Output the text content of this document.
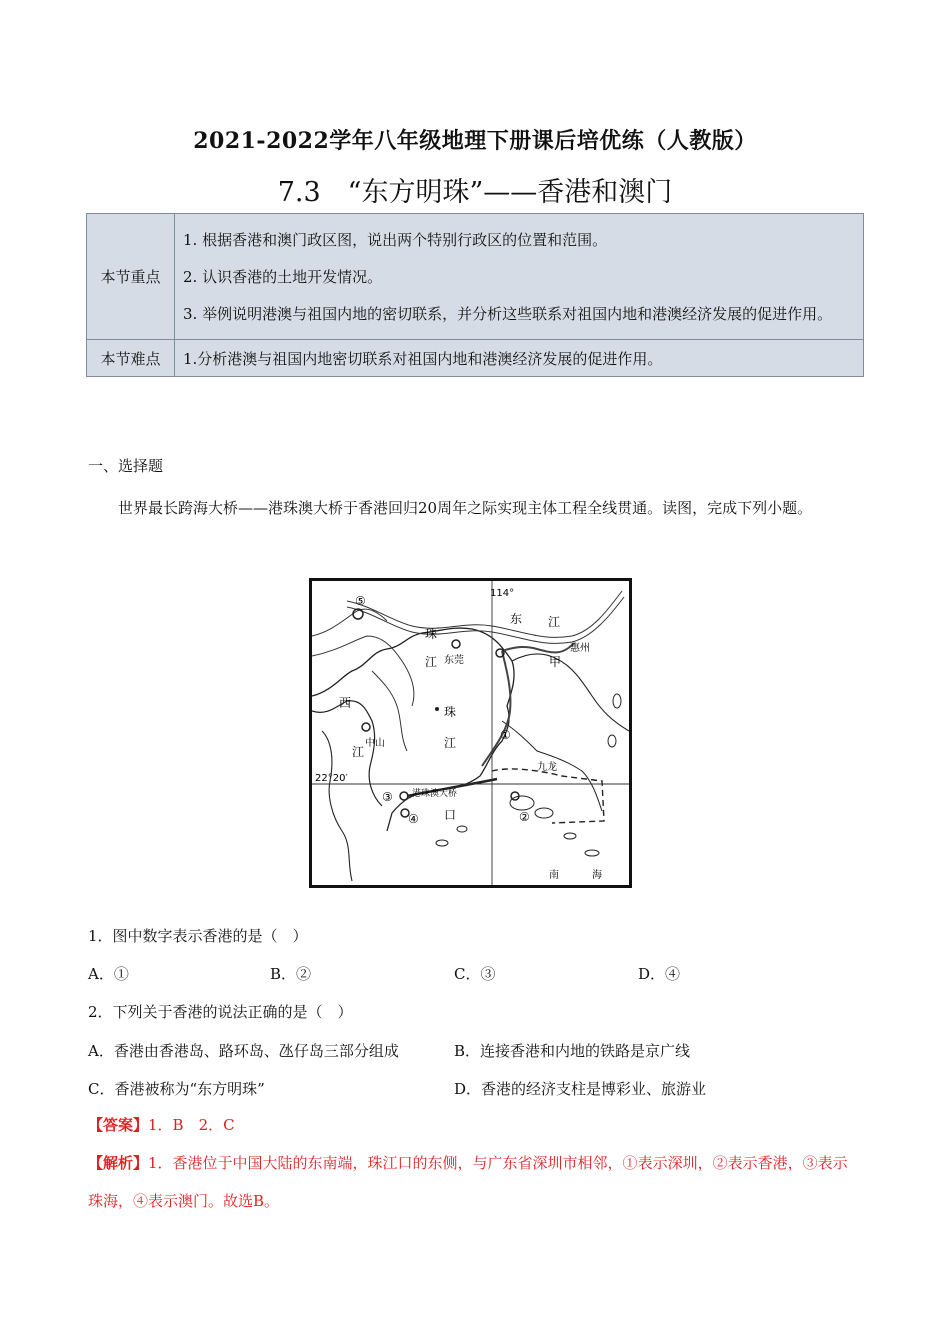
2021-2022学年八年级地理下册课后培优练（人教版）
7.3　“东方明珠”——香港和澳门
本节重点	1. 根据香港和澳门政区图，说出两个特别行政区的位置和范围。
2. 认识香港的土地开发情况。
3. 举例说明港澳与祖国内地的密切联系，并分析这些联系对祖国内地和港澳经济发展的促进作用。

本节难点	1.分析港澳与祖国内地密切联系对祖国内地和港澳经济发展的促进作用。
一、选择题
世界最长跨海大桥——港珠澳大桥于香港回归20周年之际实现主体工程全线贯通。读图，完成下列小题。
114°
22°20′
东 江
珠
江
珠
江
口
西
江
东莞
惠州
甲
中山
九龙
港珠澳大桥
南	海
①
②
③
④
⑤
1．图中数字表示香港的是（　）
A．①	B．②	C．③	D．④
2．下列关于香港的说法正确的是（　）
A．香港由香港岛、路环岛、氹仔岛三部分组成	B．连接香港和内地的铁路是京广线
C．香港被称为“东方明珠”	D．香港的经济支柱是博彩业、旅游业
【答案】1．B　2．C
【解析】1．香港位于中国大陆的东南端，珠江口的东侧，与广东省深圳市相邻，①表示深圳，②表示香港，③表示珠海，④表示澳门。故选B。
